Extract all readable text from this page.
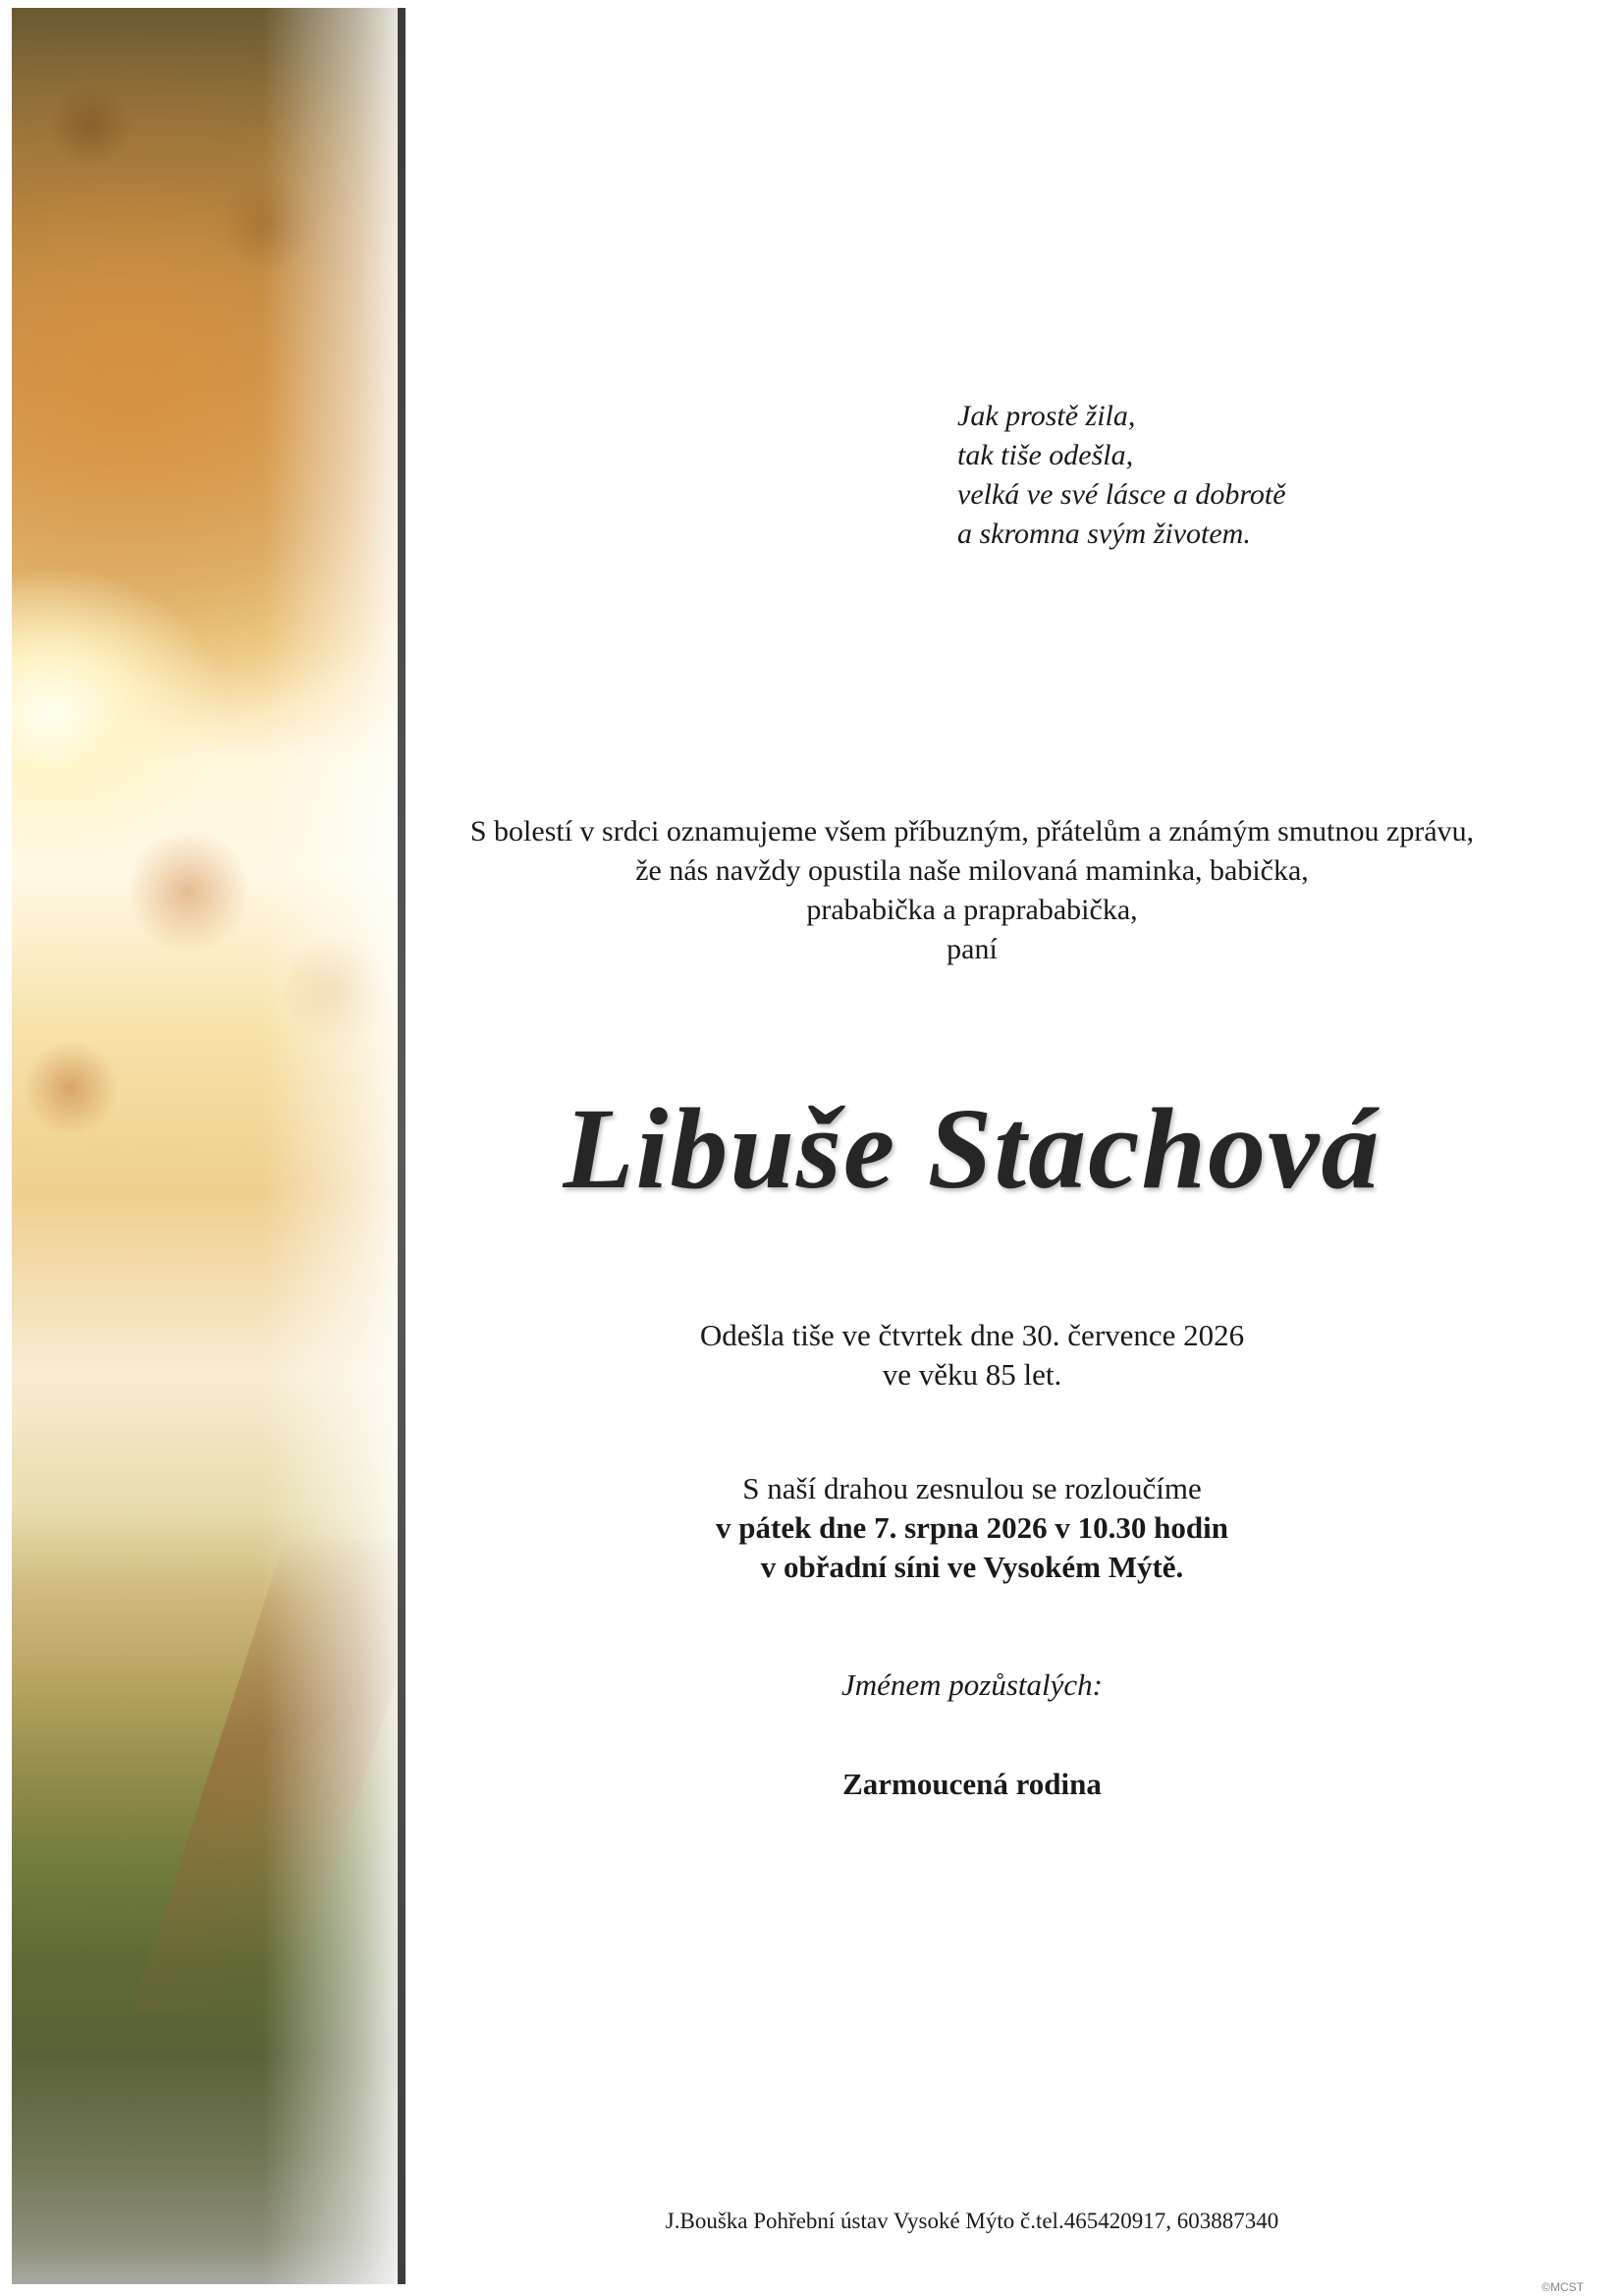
Jak prostě žila,
tak tiše odešla,
velká ve své lásce a dobrotě
a skromna svým životem.
S bolestí v srdci oznamujeme všem příbuzným, přátelům a známým smutnou zprávu,
že nás navždy opustila naše milovaná maminka, babička,
prababička a praprababička,
paní
Libuše Stachová
Odešla tiše ve čtvrtek dne 30. července 2026
ve věku 85 let.
S naší drahou zesnulou se rozloučíme
v pátek dne 7. srpna 2026 v 10.30 hodin
v obřadní síni ve Vysokém Mýtě.
Jménem pozůstalých:
Zarmoucená rodina
J.Bouška Pohřební ústav Vysoké Mýto č.tel.465420917, 603887340
©MCST
